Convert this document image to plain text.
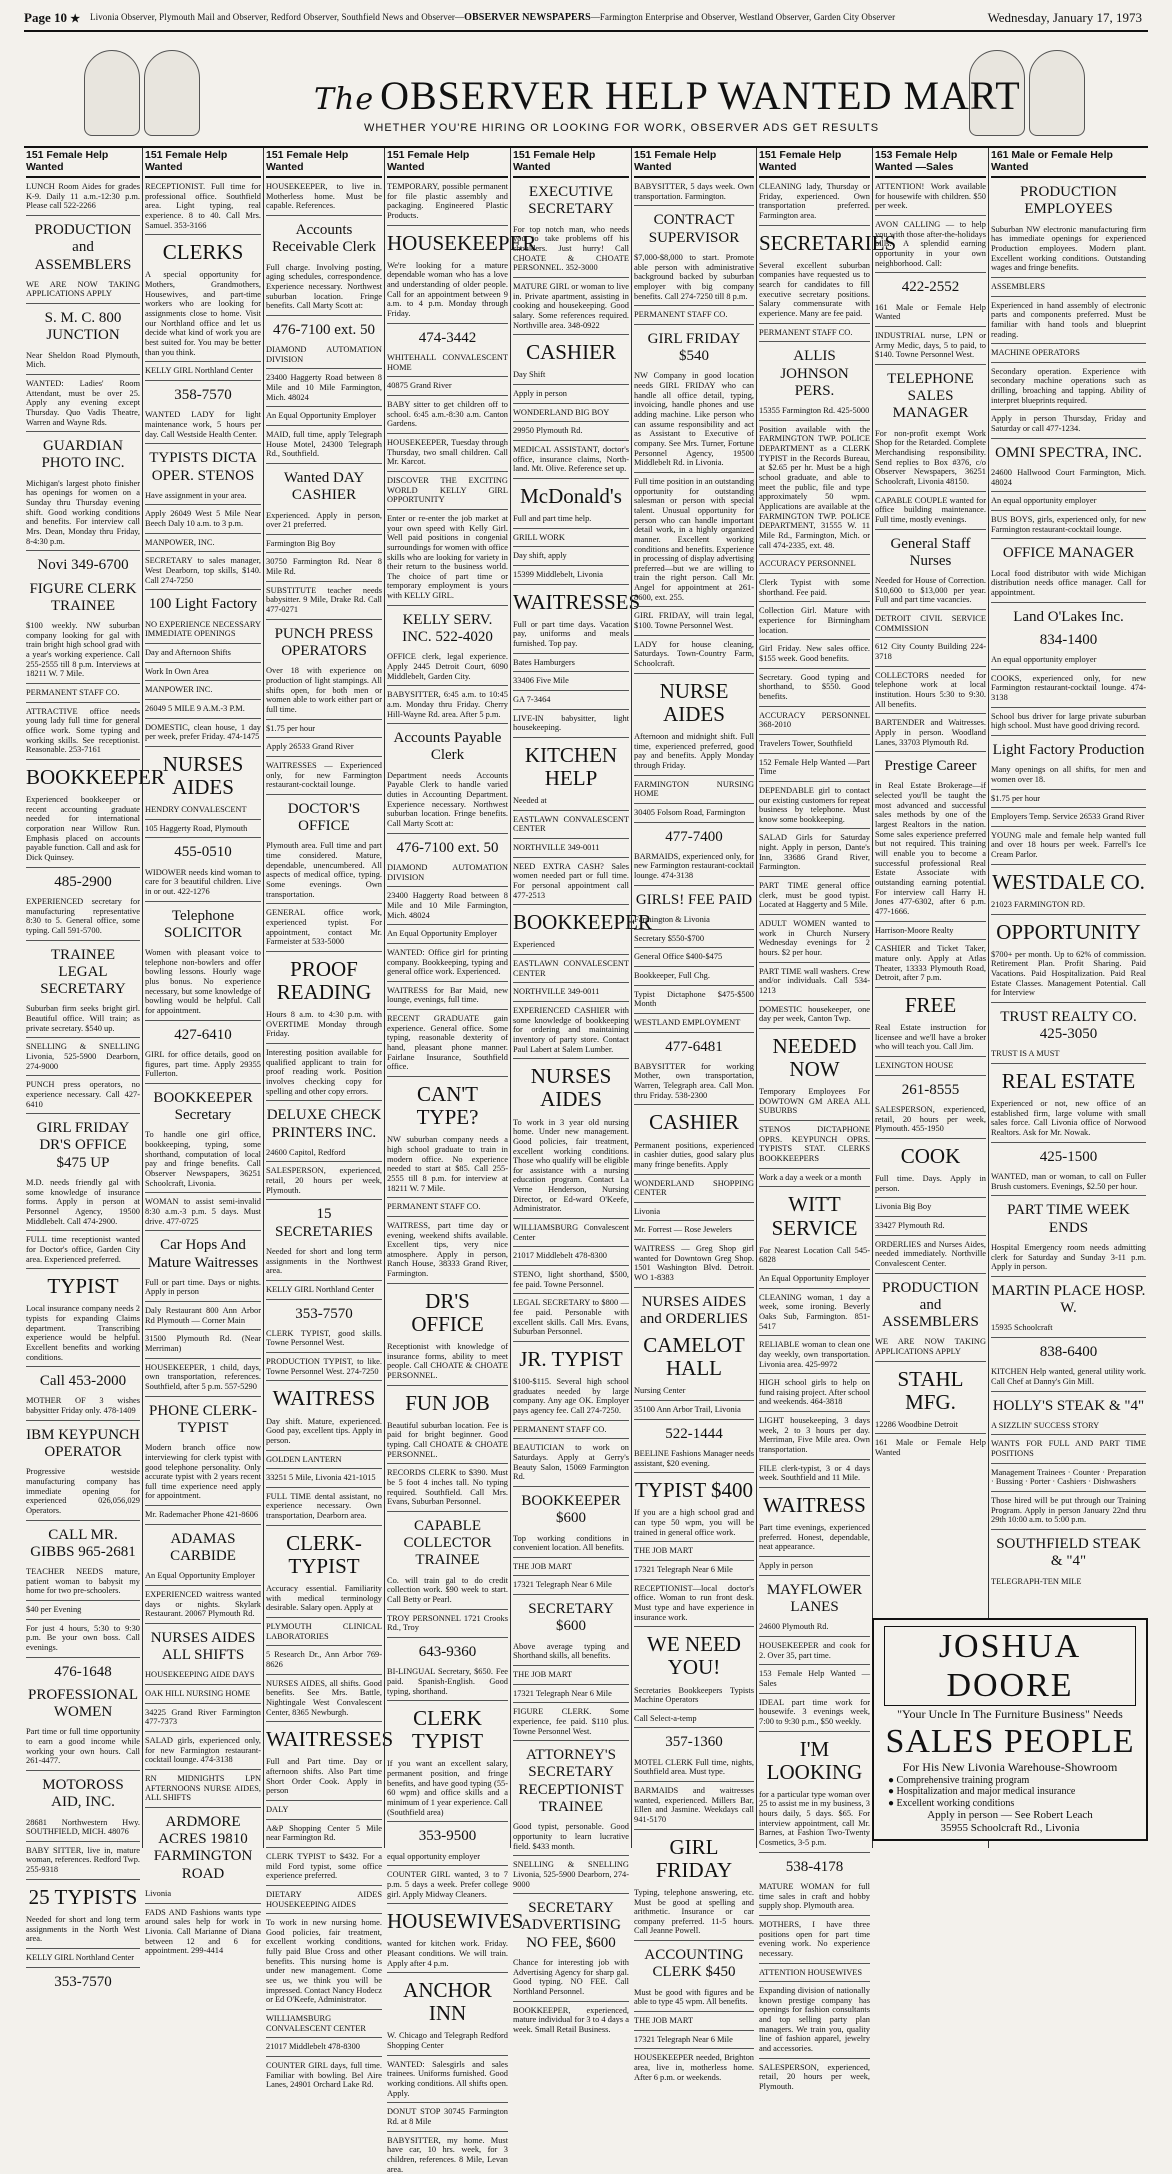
Page 10 ★ Livonia Observer, Plymouth Mail and Observer, Redford Observer, Southfield News and Observer—OBSERVER NEWSPAPERS—Farmington Enterprise and Observer, Westland Observer, Garden City Observer	Wednesday, January 17, 1973
The OBSERVER HELP WANTED MART
WHETHER YOU'RE HIRING OR LOOKING FOR WORK, OBSERVER ADS GET RESULTS
151 Female Help Wanted
LUNCH Room Aides for grades K-9. Daily 11 a.m.-12:30 p.m. Please call 522-2266
PRODUCTION and ASSEMBLERS
WE ARE NOW TAKING APPLICATIONS APPLY
S. M. C. 800 JUNCTION
Near Sheldon Road Plymouth, Mich.
WANTED: Ladies' Room Attendant, must be over 25. Apply any evening except Thursday. Quo Vadis Theatre, Warren and Wayne Rds.
GUARDIAN PHOTO INC.
Michigan's largest photo finisher has openings for women on a Sunday thru Thursday evening shift. Good working conditions and benefits. For interview call Mrs. Dean, Monday thru Friday, 8-4:30 p.m.
Novi 349-6700
FIGURE CLERK TRAINEE
$100 weekly. NW suburban company looking for gal with train bright high school grad with a year's working experience. Call 255-2555 till 8 p.m. Interviews at 18211 W. 7 Mile.
PERMANENT STAFF CO.
ATTRACTIVE office needs young lady full time for general office work. Some typing and working skills. See receptionist. Reasonable. 253-7161
BOOKKEEPER
Experienced bookkeeper or recent accounting graduate needed for international corporation near Willow Run. Emphasis placed on accounts payable function. Call and ask for Dick Quinsey.
485-2900
EXPERIENCED secretary for manufacturing representative 8:30 to 5. General office, some typing. Call 591-5700.
TRAINEE LEGAL SECRETARY
Suburban firm seeks bright girl. Beautiful office. Will train; as private secretary. $540 up.
SNELLING & SNELLING Livonia, 525-5900 Dearborn, 274-9000
PUNCH press operators, no experience necessary. Call 427-6410
GIRL FRIDAY DR'S OFFICE $475 UP
M.D. needs friendly gal with some knowledge of insurance forms. Apply in person at Personnel Agency, 19500 Middlebelt. Call 474-2900.
FULL time receptionist wanted for Doctor's office, Garden City area. Experienced preferred.
TYPIST
Local insurance company needs 2 typists for expanding Claims department. Transcribing experience would be helpful. Excellent benefits and working conditions.
Call 453-2000
MOTHER OF 3 wishes babysitter Friday only. 478-1409
IBM KEYPUNCH OPERATOR
Progressive westside manufacturing company has immediate opening for experienced 026,056,029 Operators.
CALL MR. GIBBS 965-2681
TEACHER NEEDS mature, patient woman to babysit my home for two pre-schoolers.
$40 per Evening
For just 4 hours, 5:30 to 9:30 p.m. Be your own boss. Call evenings.
476-1648
PROFESSIONAL WOMEN
Part time or full time opportunity to earn a good income while working your own hours. Call 261-4477.
MOTOROSS AID, INC.
28681 Northwestern Hwy. SOUTHFIELD, MICH. 48076
BABY SITTER, live in, mature woman, references. Redford Twp. 255-9318
25 TYPISTS
Needed for short and long term assignments in the North West area.
KELLY GIRL Northland Center
353-7570
151 Female Help Wanted
RECEPTIONIST. Full time for professional office. Southfield area. Light typing, real experience. 8 to 40. Call Mrs. Samuel. 353-3166
CLERKS
A special opportunity for Mothers, Grandmothers, Housewives, and part-time workers who are looking for assignments close to home. Visit our Northland office and let us decide what kind of work you are best suited for. You may be better than you think.
KELLY GIRL Northland Center
358-7570
WANTED LADY for light maintenance work, 5 hours per day. Call Westside Health Center.
TYPISTS DICTA OPER. STENOS
Have assignment in your area.
Apply 26049 West 5 Mile Near Beech Daly 10 a.m. to 3 p.m.
MANPOWER, INC.
SECRETARY to sales manager, West Dearborn, top skills, $140. Call 274-7250
100 Light Factory
NO EXPERIENCE NECESSARY IMMEDIATE OPENINGS
Day and Afternoon Shifts
Work In Own Area
MANPOWER INC.
26049 5 MILE 9 A.M.-3 P.M.
DOMESTIC, clean house, 1 day per week, prefer Friday. 474-1475
NURSES AIDES
HENDRY CONVALESCENT
105 Haggerty Road, Plymouth
455-0510
WIDOWER needs kind woman to care for 3 beautiful children. Live in or out. 422-1276
Telephone SOLICITOR
Women with pleasant voice to telephone non-bowlers and offer bowling lessons. Hourly wage plus bonus. No experience necessary, but some knowledge of bowling would be helpful. Call for appointment.
427-6410
GIRL for office details, good on figures, part time. Apply 29355 Fullerton.
BOOKKEEPER Secretary
To handle one girl office, bookkeeping, typing, some shorthand, computation of local pay and fringe benefits. Call Observer Newspapers, 36251 Schoolcraft, Livonia.
WOMAN to assist semi-invalid 8:30 a.m.-3 p.m. 5 days. Must drive. 477-0725
Car Hops And Mature Waitresses
Full or part time. Days or nights. Apply in person
Daly Restaurant 800 Ann Arbor Rd Plymouth — Corner Main
31500 Plymouth Rd. (Near Merriman)
HOUSEKEEPER, 1 child, days, own transportation, references. Southfield, after 5 p.m. 557-5290
PHONE CLERK-TYPIST
Modern branch office now interviewing for clerk typist with good telephone personality. Only accurate typist with 2 years recent full time experience need apply for appointment.
Mr. Rademacher Phone 421-8606
ADAMAS CARBIDE
An Equal Opportunity Employer
EXPERIENCED waitress wanted days or nights. Skylark Restaurant. 20067 Plymouth Rd.
NURSES AIDES ALL SHIFTS
HOUSEKEEPING AIDE DAYS
OAK HILL NURSING HOME
34225 Grand River Farmington 477-7373
SALAD girls, experienced only, for new Farmington restaurant-cocktail lounge. 474-3138
RN MIDNIGHTS LPN AFTERNOONS NURSE AIDES, ALL SHIFTS
ARDMORE ACRES 19810 FARMINGTON ROAD
Livonia
FADS AND Fashions wants type around sales help for work in Livonia. Call Marianne of Diana between 12 and 6 for appointment. 299-4414
151 Female Help Wanted
HOUSEKEEPER, to live in. Motherless home. Must be capable. References.
Accounts Receivable Clerk
Full charge. Involving posting, aging schedules, correspondence. Experience necessary. Northwest suburban location. Fringe benefits. Call Marty Scott at:
476-7100 ext. 50
DIAMOND AUTOMATION DIVISION
23400 Haggerty Road between 8 Mile and 10 Mile Farmington, Mich. 48024
An Equal Opportunity Employer
MAID, full time, apply Telegraph House Motel, 24300 Telegraph Rd., Southfield.
Wanted DAY CASHIER
Experienced. Apply in person, over 21 preferred.
Farmington Big Boy
30750 Farmington Rd. Near 8 Mile Rd.
SUBSTITUTE teacher needs babysitter. 9 Mile, Drake Rd. Call 477-0271
PUNCH PRESS OPERATORS
Over 18 with experience on production of light stampings. All shifts open, for both men or women able to work either part or full time.
$1.75 per hour
Apply 26533 Grand River
WAITRESSES — Experienced only, for new Farmington restaurant-cocktail lounge.
DOCTOR'S OFFICE
Plymouth area. Full time and part time considered. Mature, dependable, unencumbered. All aspects of medical office, typing. Some evenings. Own transportation.
GENERAL office work, experienced typist. For appointment, contact Mr. Farmeister at 533-5000
PROOF READING
Hours 8 a.m. to 4:30 p.m. with OVERTIME Monday through Friday.
Interesting position available for qualified applicant to train for proof reading work. Position involves checking copy for spelling and other copy errors.
DELUXE CHECK PRINTERS INC.
24600 Capitol, Redford
SALESPERSON, experienced, retail, 20 hours per week, Plymouth.
15 SECRETARIES
Needed for short and long term assignments in the Northwest area.
KELLY GIRL Northland Center
353-7570
CLERK TYPIST, good skills. Towne Personnel West.
PRODUCTION TYPIST, to like. Towne Personnel West. 274-7250
WAITRESS
Day shift. Mature, experienced. Good pay, excellent tips. Apply in person.
GOLDEN LANTERN
33251 5 Mile, Livonia 421-1015
FULL TIME dental assistant, no experience necessary. Own transportation, Dearborn area.
CLERK-TYPIST
Accuracy essential. Familiarity with medical terminology desirable. Salary open. Apply at
PLYMOUTH CLINICAL LABORATORIES
5 Research Dr., Ann Arbor 769-8626
NURSES AIDES, all shifts. Good benefits. See Mrs. Battle, Nightingale West Convalescent Center, 8365 Newburgh.
WAITRESSES
Full and Part time. Day or afternoon shifts. Also Part time Short Order Cook. Apply in person
DALY
A&P Shopping Center 5 Mile near Farmington Rd.
CLERK TYPIST to $432. For a mild Ford typist, some office experience preferred.
DIETARY AIDES HOUSEKEEPING AIDES
To work in new nursing home. Good policies, fair treatment, excellent working conditions, fully paid Blue Cross and other benefits. This nursing home is under new management. Come see us, we think you will be impressed. Contact Nancy Hodecz or Ed O'Keefe, Administrator.
WILLIAMSBURG CONVALESCENT CENTER
21017 Middlebelt 478-8300
COUNTER GIRL days, full time. Familiar with bowling. Bel Aire Lanes, 24901 Orchard Lake Rd.
151 Female Help Wanted
TEMPORARY, possible permanent for file plastic assembly and packaging. Engineered Plastic Products.
HOUSEKEEPER
We're looking for a mature dependable woman who has a love and understanding of older people. Call for an appointment between 9 a.m. to 4 p.m. Monday through Friday.
474-3442
WHITEHALL CONVALESCENT HOME
40875 Grand River
BABY sitter to get children off to school. 6:45 a.m.-8:30 a.m. Canton Gardens.
HOUSEKEEPER, Tuesday through Thursday, two small children. Call Mr. Karcot.
DISCOVER THE EXCITING WORLD KELLY GIRL OPPORTUNITY
Enter or re-enter the job market at your own speed with Kelly Girl. Well paid positions in congenial surroundings for women with office skills who are looking for variety in their return to the business world. The choice of part time or temporary employment is yours with KELLY GIRL.
KELLY SERV. INC. 522-4020
OFFICE clerk, legal experience. Apply 2445 Detroit Court, 6090 Middlebelt, Garden City.
BABYSITTER, 6:45 a.m. to 10:45 a.m. Monday thru Friday. Cherry Hill-Wayne Rd. area. After 5 p.m.
Accounts Payable Clerk
Department needs Accounts Payable Clerk to handle varied duties in Accounting Department. Experience necessary. Northwest suburban location. Fringe benefits. Call Marty Scott at:
476-7100 ext. 50
DIAMOND AUTOMATION DIVISION
23400 Haggerty Road between 8 Mile and 10 Mile Farmington, Mich. 48024
An Equal Opportunity Employer
WANTED: Office girl for printing company. Bookkeeping, typing and general office work. Experienced.
WAITRESS for Bar Maid, new lounge, evenings, full time.
RECENT GRADUATE gain experience. General office. Some typing, reasonable dexterity of hand, pleasant phone manner. Fairlane Insurance, Southfield office.
CAN'T TYPE?
NW suburban company needs a high school graduate to train in modern office. No experience needed to start at $85. Call 255-2555 till 8 p.m. for interview at 18211 W. 7 Mile.
PERMANENT STAFF CO.
WAITRESS, part time day or evening, weekend shifts available. Excellent tips, very nice atmosphere. Apply in person, Ranch House, 38333 Grand River, Farmington.
DR'S OFFICE
Receptionist with knowledge of insurance forms, ability to meet people. Call CHOATE & CHOATE PERSONNEL.
FUN JOB
Beautiful suburban location. Fee is paid for bright beginner. Good typing. Call CHOATE & CHOATE PERSONNEL.
RECORDS CLERK to $390. Must be 5 foot 4 inches tall. No typing required. Southfield. Call Mrs. Evans, Suburban Personnel.
CAPABLE COLLECTOR TRAINEE
Co. will train gal to do credit collection work. $90 week to start. Call Betty or Pearl.
TROY PERSONNEL 1721 Crooks Rd., Troy
643-9360
BI-LINGUAL Secretary, $650. Fee paid. Spanish-English. Good typing, shorthand.
CLERK TYPIST
If you want an excellent salary, permanent position, and fringe benefits, and have good typing (55-60 wpm) and office skills and a minimum of 1 year experience. Call (Southfield area)
353-9500
equal opportunity employer
COUNTER GIRL wanted, 3 to 7 p.m. 5 days a week. Prefer college girl. Apply Midway Cleaners.
HOUSEWIVES
wanted for kitchen work. Friday. Pleasant conditions. We will train. Apply after 4 p.m.
ANCHOR INN
W. Chicago and Telegraph Redford Shopping Center
WANTED: Salesgirls and sales trainees. Uniforms furnished. Good working conditions. All shifts open. Apply.
DONUT STOP 30745 Farmington Rd. at 8 Mile
BABYSITTER, my home. Must have car, 10 hrs. week, for 3 children, references. 8 Mile, Levan area.
151 Female Help Wanted
EXECUTIVE SECRETARY
For top notch man, who needs you to take problems off his shoulders. Just hurry! Call CHOATE & CHOATE PERSONNEL. 352-3000
MATURE GIRL or woman to live in. Private apartment, assisting in cooking and housekeeping. Good salary. Some references required. Northville area. 348-0922
CASHIER
Day Shift
Apply in person
WONDERLAND BIG BOY
29950 Plymouth Rd.
MEDICAL ASSISTANT, doctor's office, insurance claims, North-land. Mt. Olive. Reference set up.
McDonald's
Full and part time help.
GRILL WORK
Day shift, apply
15399 Middlebelt, Livonia
WAITRESSES
Full or part time days. Vacation pay, uniforms and meals furnished. Top pay.
Bates Hamburgers
33406 Five Mile
GA 7-3464
LIVE-IN babysitter, light housekeeping.
KITCHEN HELP
Needed at
EASTLAWN CONVALESCENT CENTER
NORTHVILLE 349-0011
NEED EXTRA CASH? Sales women needed part or full time. For personal appointment call 477-2513
BOOKKEEPER
Experienced
EASTLAWN CONVALESCENT CENTER
NORTHVILLE 349-0011
EXPERIENCED CASHIER with some knowledge of bookkeeping for ordering and maintaining inventory of party store. Contact Paul Labert at Salem Lumber.
NURSES AIDES
To work in 3 year old nursing home. Under new management. Good policies, fair treatment, excellent working conditions. Those who qualify will be eligible for assistance with a nursing education program. Contact La Verne Henderson, Nursing Director, or Ed-ward O'Keefe, Administrator.
WILLIAMSBURG Convalescent Center
21017 Middlebelt 478-8300
STENO, light shorthand, $500, fee paid. Towne Personnel.
LEGAL SECRETARY to $800 — fee paid. Personable with excellent skills. Call Mrs. Evans, Suburban Personnel.
JR. TYPIST
$100-$115. Several high school graduates needed by large company. Any age OK. Employer pays agency fee. Call 274-7250.
PERMANENT STAFF CO.
BEAUTICIAN to work on Saturdays. Apply at Gerry's Beauty Salon, 15069 Farmington Rd.
BOOKKEEPER $600
Top working conditions in convenient location. All benefits.
THE JOB MART
17321 Telegraph Near 6 Mile
SECRETARY $600
Above average typing and Shorthand skills, all benefits.
THE JOB MART
17321 Telegraph Near 6 Mile
FIGURE CLERK. Some experience, fee paid. $110 plus. Towne Personnel West.
ATTORNEY'S SECRETARY RECEPTIONIST TRAINEE
Good typist, personable. Good opportunity to learn lucrative field. $433 month.
SNELLING & SNELLING Livonia, 525-5900 Dearborn, 274-9000
SECRETARY ADVERTISING NO FEE, $600
Chance for interesting job with Advertising Agency for sharp gal. Good typing. NO FEE. Call Northland Personnel.
BOOKKEEPER, experienced, mature individual for 3 to 4 days a week. Small Retail Business.
151 Female Help Wanted
BABYSITTER, 5 days week. Own transportation. Farmington.
CONTRACT SUPERVISOR
$7,000-$8,000 to start. Promote able person with administrative background backed by suburban employer with big company benefits. Call 274-7250 till 8 p.m.
PERMANENT STAFF CO.
GIRL FRIDAY $540
NW Company in good location needs GIRL FRIDAY who can handle all office detail, typing, invoicing, handle phones and use adding machine. Like person who can assume responsibility and act as Assistant to Executive of company. See Mrs. Turner, Fortune Personnel Agency, 19500 Middlebelt Rd. in Livonia.
Full time position in an outstanding opportunity for outstanding salesman or person with special talent. Unusual opportunity for person who can handle important detail work, in a highly organized manner. Excellent working conditions and benefits. Experience in processing of display advertising preferred—but we are willing to train the right person. Call Mr. Angel for appointment at 261-8600, ext. 255.
GIRL FRIDAY, will train legal, $100. Towne Personnel West.
LADY for house cleaning, Saturdays. Town-Country Farm, Schoolcraft.
NURSE AIDES
Afternoon and midnight shift. Full time, experienced preferred, good pay and benefits. Apply Monday through Friday.
FARMINGTON NURSING HOME
30405 Folsom Road, Farmington
477-7400
BARMAIDS, experienced only, for new Farmington restaurant-cocktail lounge. 474-3138
GIRLS! FEE PAID
Farmington & Livonia
Secretary $550-$700
General Office $400-$475
Bookkeeper, Full Chg.
Typist Dictaphone $475-$500 Month
WESTLAND EMPLOYMENT
477-6481
BABYSITTER for working Mother, own transportation, Warren, Telegraph area. Call Mon. thru Friday. 538-2300
CASHIER
Permanent positions, experienced in cashier duties, good salary plus many fringe benefits. Apply
WONDERLAND SHOPPING CENTER
Livonia
Mr. Forrest — Rose Jewelers
WAITRESS — Greg Shop girl wanted for Downtown Greg Shop. 1501 Washington Blvd. Detroit. WO 1-8383
NURSES AIDES and ORDERLIES
CAMELOT HALL
Nursing Center
35100 Ann Arbor Trail, Livonia
522-1444
BEELINE Fashions Manager needs assistant, $20 evening.
TYPIST $400
If you are a high school grad and can type 50 wpm, you will be trained in general office work.
THE JOB MART
17321 Telegraph Near 6 Mile
RECEPTIONIST—local doctor's office. Woman to run front desk. Must type and have experience in insurance work.
WE NEED YOU!
Secretaries Bookkeepers Typists Machine Operators
Call Select-a-temp
357-1360
MOTEL CLERK Full time, nights, Southfield area. Must type.
BARMAIDS and waitresses wanted, experienced. Millers Bar, Ellen and Jasmine. Weekdays call 941-5170
GIRL FRIDAY
Typing, telephone answering, etc. Must be good at spelling and arithmetic. Insurance or car company preferred. 11-5 hours. Call Jeanne Powell.
ACCOUNTING CLERK $450
Must be good with figures and be able to type 45 wpm. All benefits.
THE JOB MART
17321 Telegraph Near 6 Mile
HOUSEKEEPER needed, Brighton area, live in, motherless home. After 6 p.m. or weekends.
151 Female Help Wanted
CLEANING lady, Thursday or Friday, experienced. Own transportation preferred. Farmington area.
SECRETARIES
Several excellent suburban companies have requested us to search for candidates to fill executive secretary positions. Salary commensurate with experience. Many are fee paid.
PERMANENT STAFF CO.
ALLIS JOHNSON PERS.
15355 Farmington Rd. 425-5000
Position available with the FARMINGTON TWP. POLICE DEPARTMENT as a CLERK TYPIST in the Records Bureau, at $2.65 per hr. Must be a high school graduate, and able to meet the public, file and type approximately 50 wpm. Applications are available at the FARMINGTON TWP. POLICE DEPARTMENT, 31555 W. 11 Mile Rd., Farmington, Mich. or call 474-2335, ext. 48.
ACCURACY PERSONNEL
Clerk Typist with some shorthand. Fee paid.
Collection Girl. Mature with experience for Birmingham location.
Girl Friday. New sales office. $155 week. Good benefits.
Secretary. Good typing and shorthand, to $550. Good benefits.
ACCURACY PERSONNEL 368-2010
Travelers Tower, Southfield
152 Female Help Wanted —Part Time
DEPENDABLE girl to contact our existing customers for repeat business by telephone. Must know some bookkeeping.
SALAD Girls for Saturday night. Apply in person, Dante's Inn, 33686 Grand River, Farmington.
PART TIME general office clerk, must be good typist. Located at Haggerty and 5 Mile.
ADULT WOMEN wanted to work in Church Nursery Wednesday evenings for 2 hours. $2 per hour.
PART TIME wall washers. Crew and/or individuals. Call 534-1213
DOMESTIC housekeeper, one day per week, Canton Twp.
NEEDED NOW
Temporary Employees For DOWTOWN GM AREA ALL SUBURBS
STENOS DICTAPHONE OPRS. KEYPUNCH OPRS. TYPISTS STAT. CLERKS BOOKKEEPERS
Work a day a week or a month
WITT SERVICE
For Nearest Location Call 545-6828
An Equal Opportunity Employer
CLEANING woman, 1 day a week, some ironing. Beverly Oaks Sub, Farmington. 851-5417
RELIABLE woman to clean one day weekly, own transportation. Livonia area. 425-9972
HIGH school girls to help on fund raising project. After school and weekends. 464-3818
LIGHT housekeeping, 3 days week, 2 to 3 hours per day. Merriman, Five Mile area. Own transportation.
FILE clerk-typist, 3 or 4 days week. Southfield and 11 Mile.
WAITRESS
Part time evenings, experienced preferred. Honest, dependable, neat appearance.
Apply in person
MAYFLOWER LANES
24600 Plymouth Rd.
HOUSEKEEPER and cook for 2. Over 35, part time.
153 Female Help Wanted —Sales
IDEAL part time work for housewife. 3 evenings week, 7:00 to 9:30 p.m., $50 weekly.
I'M LOOKING
for a particular type woman over 25 to assist me in my business, 3 hours daily, 5 days. $65. For interview appointment, call Mr. Barnes, at Fashion Two-Twenty Cosmetics, 3-5 p.m.
538-4178
MATURE WOMAN for full time sales in craft and hobby supply shop. Plymouth area.
MOTHERS, I have three positions open for part time evening work. No experience necessary.
ATTENTION HOUSEWIVES
Expanding division of nationally known prestige company has openings for fashion consultants and top selling party plan managers. We train you, quality line of fashion apparel, jewelry and accessories.
SALESPERSON, experienced, retail, 20 hours per week, Plymouth.
153 Female Help Wanted —Sales
ATTENTION! Work available for housewife with children. $50 per week.
AVON CALLING — to help you with those after-the-holidays bills. A splendid earning opportunity in your own neighborhood. Call:
422-2552
161 Male or Female Help Wanted
INDUSTRIAL nurse, LPN or Army Medic, days, 5 to paid, to $140. Towne Personnel West.
TELEPHONE SALES MANAGER
For non-profit exempt Work Shop for the Retarded. Complete Merchandising responsibility. Send replies to Box #376, c/o Observer Newspapers, 36251 Schoolcraft, Livonia 48150.
CAPABLE COUPLE wanted for office building maintenance. Full time, mostly evenings.
General Staff Nurses
Needed for House of Correction. $10,600 to $13,000 per year. Full and part time vacancies.
DETROIT CIVIL SERVICE COMMISSION
612 City County Building 224-3718
COLLECTORS needed for telephone work at local institution. Hours 5:30 to 9:30. All benefits.
BARTENDER and Waitresses. Apply in person. Woodland Lanes, 33703 Plymouth Rd.
Prestige Career
in Real Estate Brokerage—if selected you'll be taught the most advanced and successful sales methods by one of the largest Realtors in the nation. Some sales experience preferred but not required. This training will enable you to become a successful professional Real Estate Associate with outstanding earning potential. For interview call Harry H. Jones 477-6302, after 6 p.m. 477-1666.
Harrison-Moore Realty
CASHIER and Ticket Taker, mature only. Apply at Atlas Theater, 13333 Plymouth Road, Detroit, after 7 p.m.
FREE
Real Estate instruction for licensee and we'll have a broker who will teach you. Call Jim.
LEXINGTON HOUSE
261-8555
SALESPERSON, experienced, retail, 20 hours per week, Plymouth. 455-1950
COOK
Full time. Days. Apply in person.
Livonia Big Boy
33427 Plymouth Rd.
ORDERLIES and Nurses Aides, needed immediately. Northville Convalescent Center.
PRODUCTION and ASSEMBLERS
WE ARE NOW TAKING APPLICATIONS APPLY
STAHL MFG.
12286 Woodbine Detroit
161 Male or Female Help Wanted
161 Male or Female Help Wanted
PRODUCTION EMPLOYEES
Suburban NW electronic manufacturing firm has immediate openings for experienced Production employees. Modern plant. Excellent working conditions. Outstanding wages and fringe benefits.
ASSEMBLERS
Experienced in hand assembly of electronic parts and components preferred. Must be familiar with hand tools and blueprint reading.
MACHINE OPERATORS
Secondary operation. Experience with secondary machine operations such as drilling, broaching and tapping. Ability of interpret blueprints required.
Apply in person Thursday, Friday and Saturday or call 477-1234.
OMNI SPECTRA, INC.
24600 Hallwood Court Farmington, Mich. 48024
An equal opportunity employer
BUS BOYS, girls, experienced only, for new Farmington restaurant-cocktail lounge.
OFFICE MANAGER
Local food distributor with wide Michigan distribution needs office manager. Call for appointment.
Land O'Lakes Inc.
834-1400
An equal opportunity employer
COOKS, experienced only, for new Farmington restaurant-cocktail lounge. 474-3138
School bus driver for large private suburban high school. Must have good driving record.
Light Factory Production
Many openings on all shifts, for men and women over 18.
$1.75 per hour
Employers Temp. Service 26533 Grand River
YOUNG male and female help wanted full and over 18 hours per week. Farrell's Ice Cream Parlor.
WESTDALE CO.
21023 FARMINGTON RD.
OPPORTUNITY
$700+ per month. Up to 62% of commission. Retirement Plan. Profit Sharing. Paid Vacations. Paid Hospitalization. Paid Real Estate Classes. Management Potential. Call for Interview
TRUST REALTY CO. 425-3050
TRUST IS A MUST
REAL ESTATE
Experienced or not, new office of an established firm, large volume with small sales force. Call Livonia office of Norwood Realtors. Ask for Mr. Nowak.
425-1500
WANTED, man or woman, to call on Fuller Brush customers. Evenings, $2.50 per hour.
PART TIME WEEK ENDS
Hospital Emergency room needs admitting clerk for Saturday and Sunday 3-11 p.m. Apply in person.
MARTIN PLACE HOSP. W.
15935 Schoolcraft
838-6400
KITCHEN Help wanted, general utility work. Call Chef at Danny's Gin Mill.
HOLLY'S STEAK & "4"
A SIZZLIN' SUCCESS STORY
WANTS FOR FULL AND PART TIME POSITIONS
Management Trainees · Counter · Preparation · Bussing · Porter · Cashiers · Dishwashers
Those hired will be put through our Training Program. Apply in person January 22nd thru 29th 10:00 a.m. to 5:00 p.m.
SOUTHFIELD STEAK & "4"
TELEGRAPH-TEN MILE
JOSHUA DOORE
"Your Uncle In The Furniture Business" Needs
SALES PEOPLE
For His New Livonia Warehouse-Showroom
● Comprehensive training program
● Hospitalization and major medical insurance
● Excellent working conditions
Apply in person — See Robert Leach
35955 Schoolcraft Rd., Livonia
